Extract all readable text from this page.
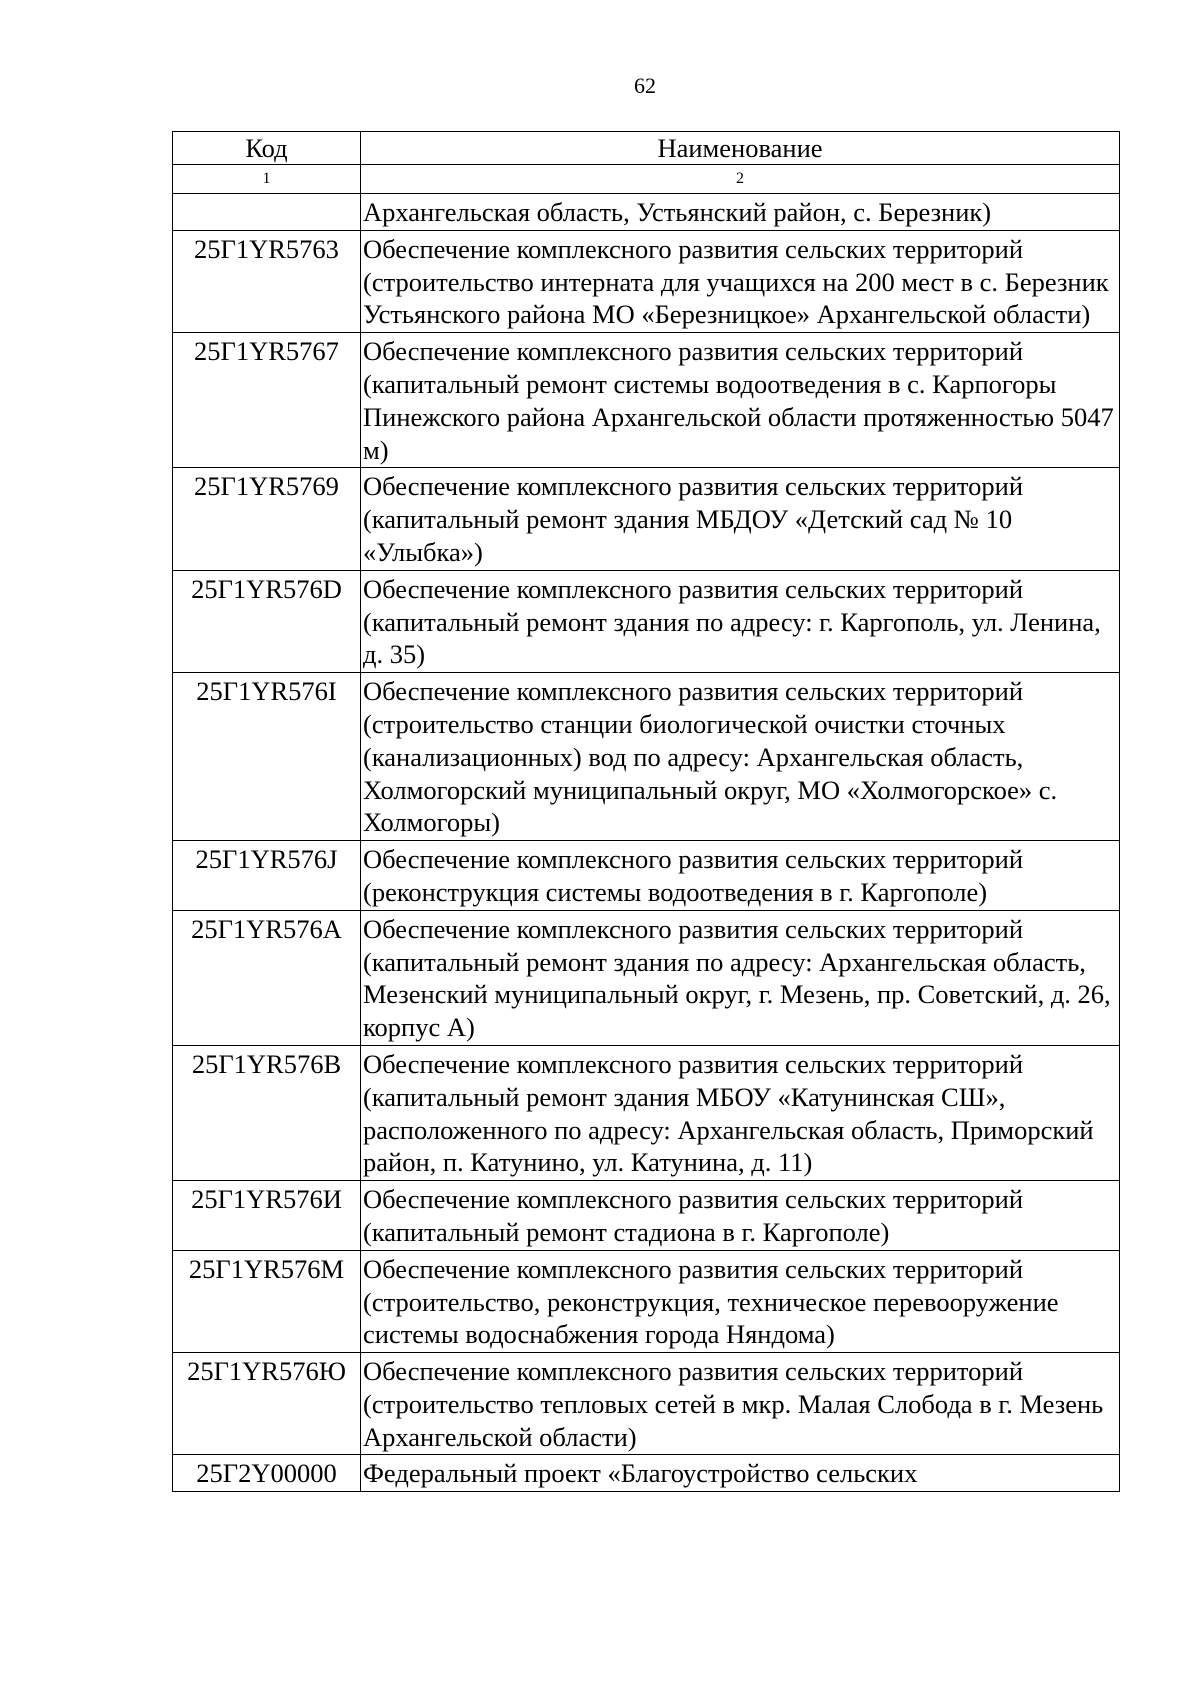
62
Код	Наименование
1	2
	Архангельская область, Устьянский район, с. Березник)
25Г1YR5763	Обеспечение комплексного развития сельских территорий (строительство интерната для учащихся на 200 мест в с. Березник Устьянского района МО «Березницкое» Архангельской области)
25Г1YR5767	Обеспечение комплексного развития сельских территорий (капитальный ремонт системы водоотведения в с. Карпогоры Пинежского района Архангельской области протяженностью 5047 м)
25Г1YR5769	Обеспечение комплексного развития сельских территорий (капитальный ремонт здания МБДОУ «Детский сад № 10 «Улыбка»)
25Г1YR576D	Обеспечение комплексного развития сельских территорий (капитальный ремонт здания по адресу: г. Каргополь, ул. Ленина, д. 35)
25Г1YR576I	Обеспечение комплексного развития сельских территорий (строительство станции биологической очистки сточных (канализационных) вод по адресу: Архангельская область, Холмогорский муниципальный округ, МО «Холмогорское» с. Холмогоры)
25Г1YR576J	Обеспечение комплексного развития сельских территорий (реконструкция системы водоотведения в г. Каргополе)
25Г1YR576A	Обеспечение комплексного развития сельских территорий (капитальный ремонт здания по адресу: Архангельская область, Мезенский муниципальный округ, г. Мезень, пр. Советский, д. 26, корпус А)
25Г1YR576B	Обеспечение комплексного развития сельских территорий (капитальный ремонт здания МБОУ «Катунинская СШ», расположенного по адресу: Архангельская область, Приморский район, п. Катунино, ул. Катунина, д. 11)
25Г1YR576И	Обеспечение комплексного развития сельских территорий (капитальный ремонт стадиона в г. Каргополе)
25Г1YR576M	Обеспечение комплексного развития сельских территорий (строительство, реконструкция, техническое перевооружение системы водоснабжения города Няндома)
25Г1YR576Ю	Обеспечение комплексного развития сельских территорий (строительство тепловых сетей в мкр. Малая Слобода в г. Мезень Архангельской области)
25Г2Y00000	Федеральный проект «Благоустройство сельских
